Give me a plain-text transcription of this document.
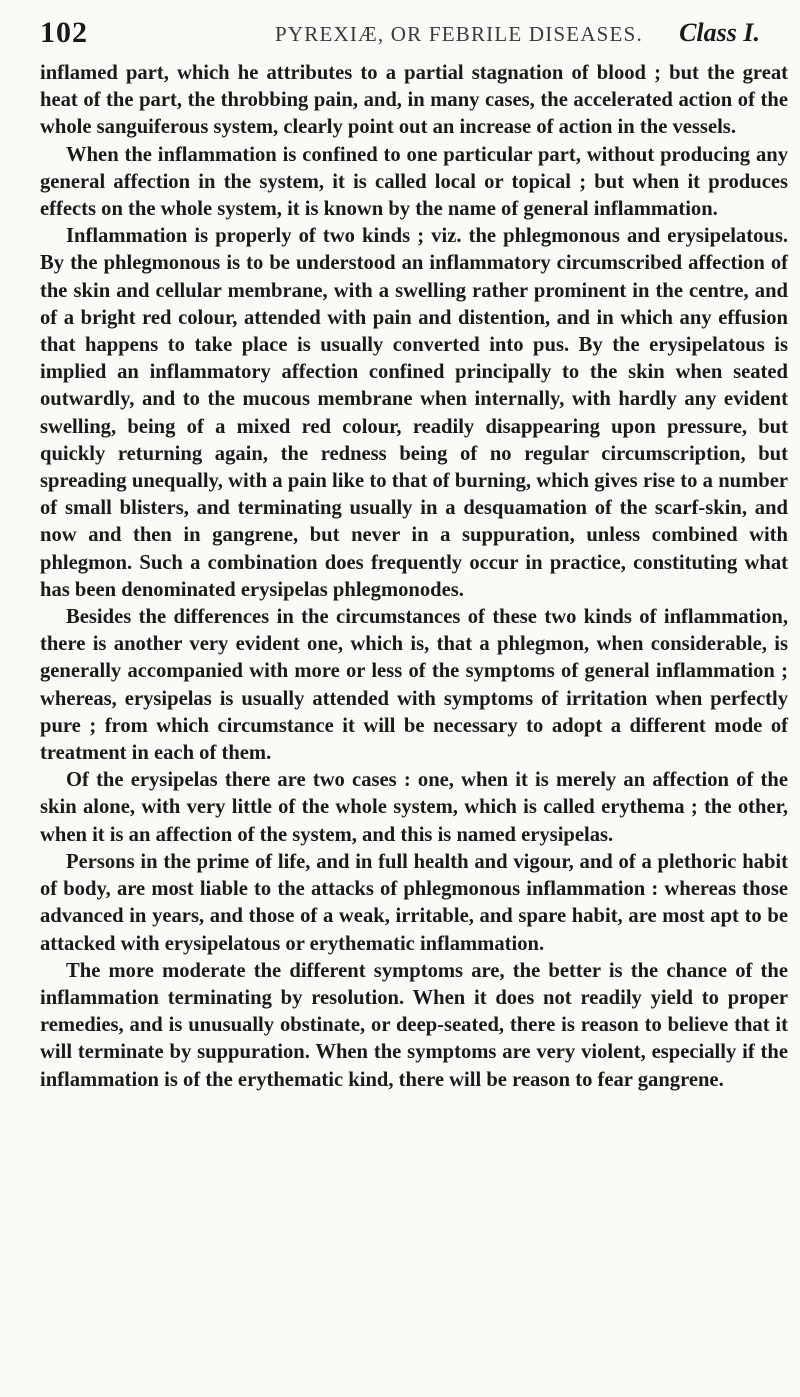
102	PYREXIÆ, OR FEBRILE DISEASES. Class I.

inflamed part, which he attributes to a partial stagnation of blood ; but the great heat of the part, the throbbing pain, and, in many cases, the accelerated action of the whole sanguiferous system, clearly point out an increase of action in the vessels.

When the inflammation is confined to one particular part, without producing any general affection in the system, it is called local or topical ; but when it produces effects on the whole system, it is known by the name of general inflammation.

Inflammation is properly of two kinds ; viz. the phlegmonous and erysipelatous. By the phlegmonous is to be understood an inflammatory circumscribed affection of the skin and cellular membrane, with a swelling rather prominent in the centre, and of a bright red colour, attended with pain and distention, and in which any effusion that happens to take place is usually converted into pus. By the erysipelatous is implied an inflammatory affection confined principally to the skin when seated outwardly, and to the mucous membrane when internally, with hardly any evident swelling, being of a mixed red colour, readily disappearing upon pressure, but quickly returning again, the redness being of no regular circumscription, but spreading unequally, with a pain like to that of burning, which gives rise to a number of small blisters, and terminating usually in a desquamation of the scarf-skin, and now and then in gangrene, but never in a suppuration, unless combined with phlegmon. Such a combination does frequently occur in practice, constituting what has been denominated erysipelas phlegmonodes.

Besides the differences in the circumstances of these two kinds of inflammation, there is another very evident one, which is, that a phlegmon, when considerable, is generally accompanied with more or less of the symptoms of general inflammation ; whereas, erysipelas is usually attended with symptoms of irritation when perfectly pure ; from which circumstance it will be necessary to adopt a different mode of treatment in each of them.

Of the erysipelas there are two cases : one, when it is merely an affection of the skin alone, with very little of the whole system, which is called erythema ; the other, when it is an affection of the system, and this is named erysipelas.

Persons in the prime of life, and in full health and vigour, and of a plethoric habit of body, are most liable to the attacks of phlegmonous inflammation : whereas those advanced in years, and those of a weak, irritable, and spare habit, are most apt to be attacked with erysipelatous or erythematic inflammation.

The more moderate the different symptoms are, the better is the chance of the inflammation terminating by resolution. When it does not readily yield to proper remedies, and is unusually obstinate, or deep-seated, there is reason to believe that it will terminate by suppuration. When the symptoms are very violent, especially if the inflammation is of the erythematic kind, there will be reason to fear gangrene.
